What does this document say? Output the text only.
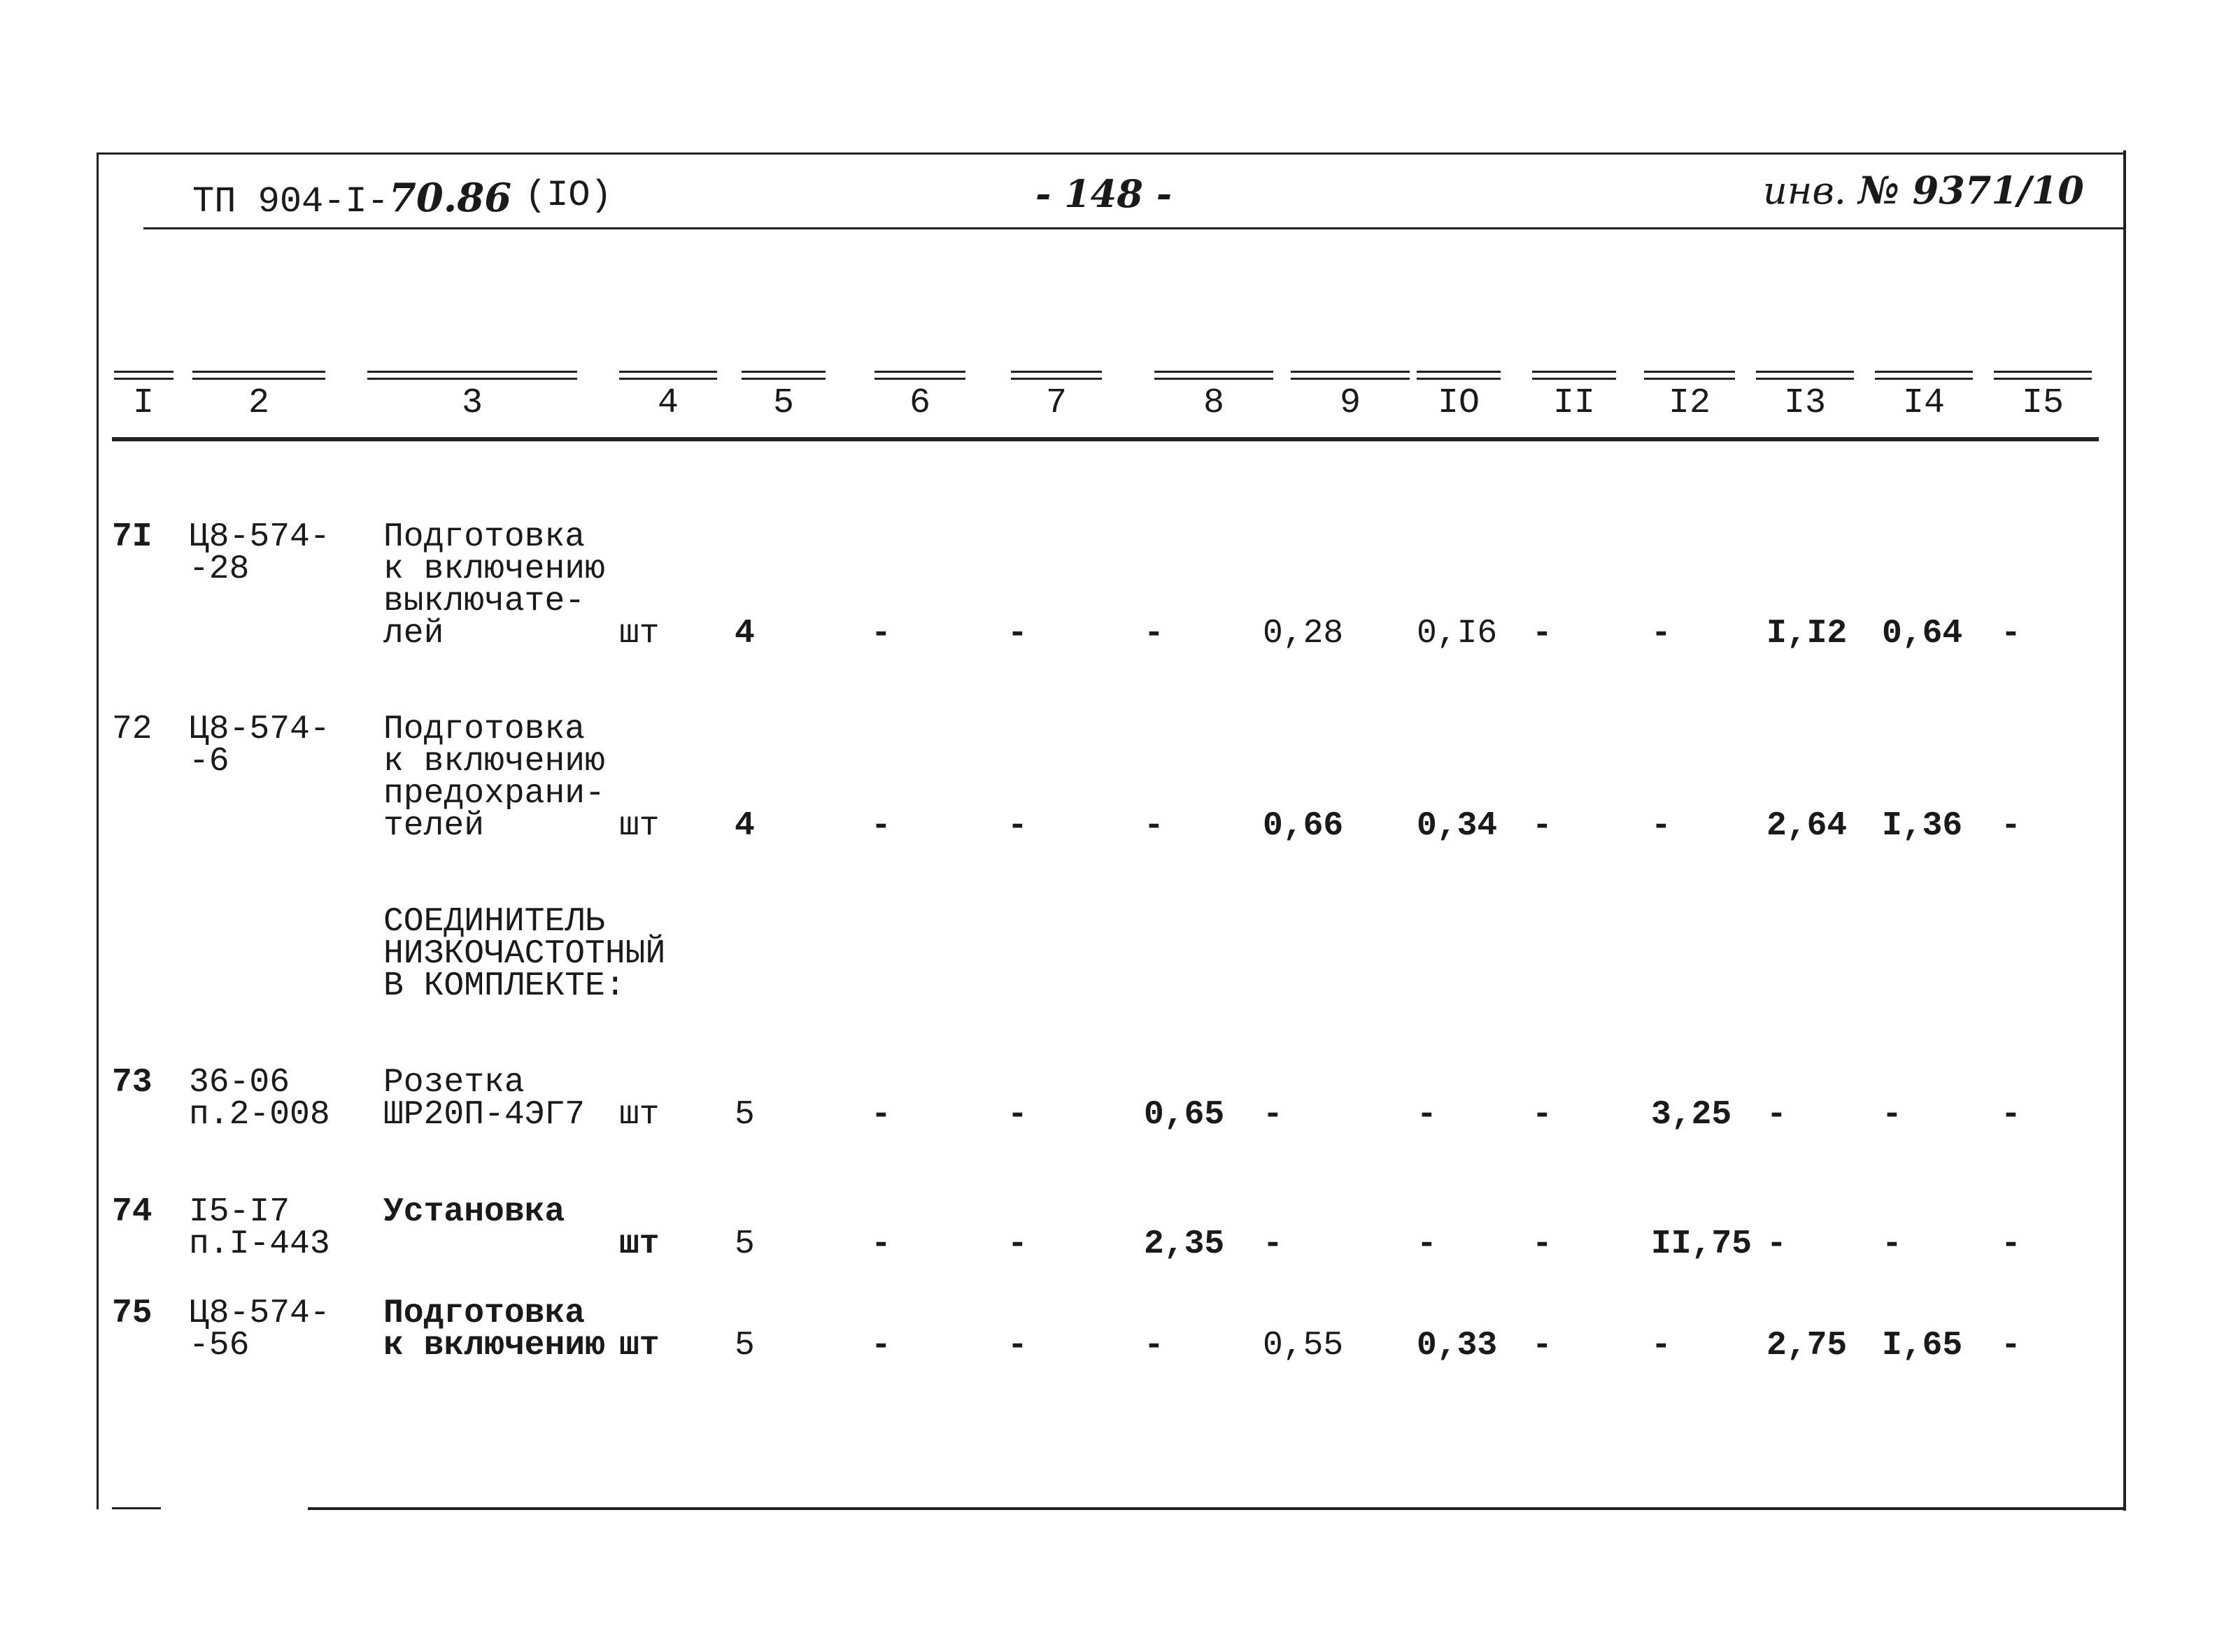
ТП 904-I-70.86 (IO)	- 148 -	инв. № 9371/10
I	2	3	4	5	6	7	8	9	IO	II	I2	I3	I4	I5
7I Ц8-574-
-28
Подготовка
к включению
выключате-
лей	шт 4	-	-	-	0,28 0,I6 -	-	I,I2 0,64 -
72 Ц8-574-
-6
Подготовка
к включению
предохрани-
телей	шт 4	-	-	-	0,66 0,34 -	-	2,64 I,36 -
СОЕДИНИТЕЛЬ
НИЗКОЧАСТОТНЫЙ
В КОМПЛЕКТЕ:
73 36-06
п.2-008
Розетка
ШР20П-4ЭГ7 шт 5	-	-	0,65 -	-	-	3,25 -	-	-
74 I5-I7
п.I-443
Установка
шт 5	-	-	2,35 -	-	-	II,75 -	-	-
75 Ц8-574-
-56
Подготовка
к включению шт 5	-	-	-	0,55 0,33 -	-	2,75 I,65 -
